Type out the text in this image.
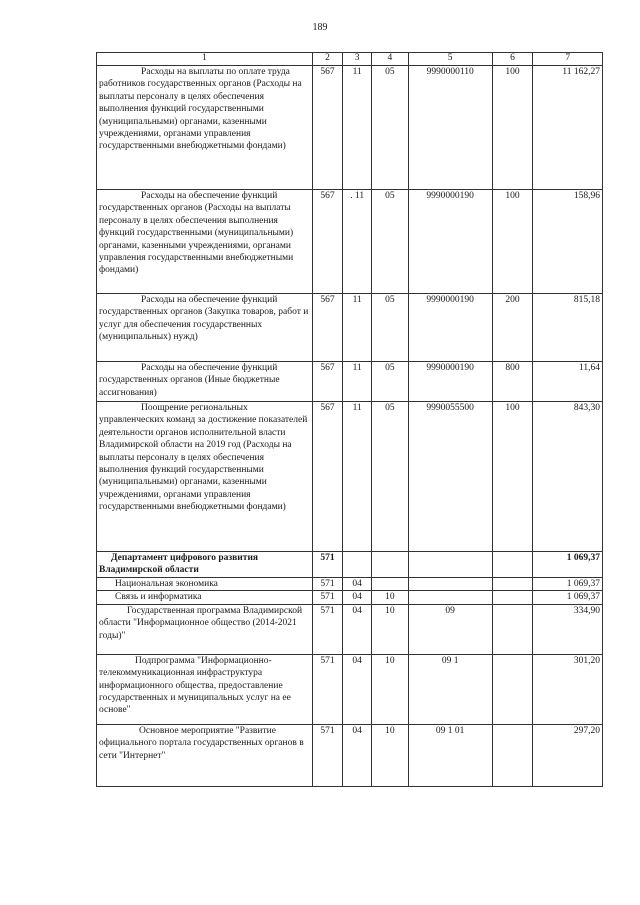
189
1	2	3	4	5	6	7
Расходы на выплаты по оплате труда работников государственных органов (Расходы на выплаты персоналу в целях обеспечения выполнения функций государственными (муниципальными) органами, казенными учреждениями, органами управления государственными внебюджетными фондами)	567	11	05	9990000110	100	11 162,27
Расходы на обеспечение функций государственных органов (Расходы на выплаты персоналу в целях обеспечения выполнения функций государственными (муниципальными) органами, казенными учреждениями, органами управления государственными внебюджетными фондами)	567	. 11	05	9990000190	100	158,96
Расходы на обеспечение функций государственных органов (Закупка товаров, работ и услуг для обеспечения государственных (муниципальных) нужд)	567	11	05	9990000190	200	815,18
Расходы на обеспечение функций государственных органов (Иные бюджетные ассигнования)	567	11	05	9990000190	800	11,64
Поощрение региональных управленческих команд за достижение показателей деятельности органов исполнительной власти Владимирской области на 2019 год (Расходы на выплаты персоналу в целях обеспечения выполнения функций государственными (муниципальными) органами, казенными учреждениями, органами управления государственными внебюджетными фондами)	567	11	05	9990055500	100	843,30
Департамент цифрового развития Владимирской области	571					1 069,37
Национальная экономика	571	04				1 069,37
Связь и информатика	571	04	10			1 069,37
Государственная программа Владимирской области "Информационное общество (2014-2021 годы)"	571	04	10	09		334,90
Подпрограмма "Информационно-телекоммуникационная инфраструктура информационного общества, предоставление государственных и муниципальных услуг на ее основе"	571	04	10	09 1		301,20
Основное мероприятие "Развитие официального портала государственных органов в сети "Интернет"	571	04	10	09 1 01		297,20
